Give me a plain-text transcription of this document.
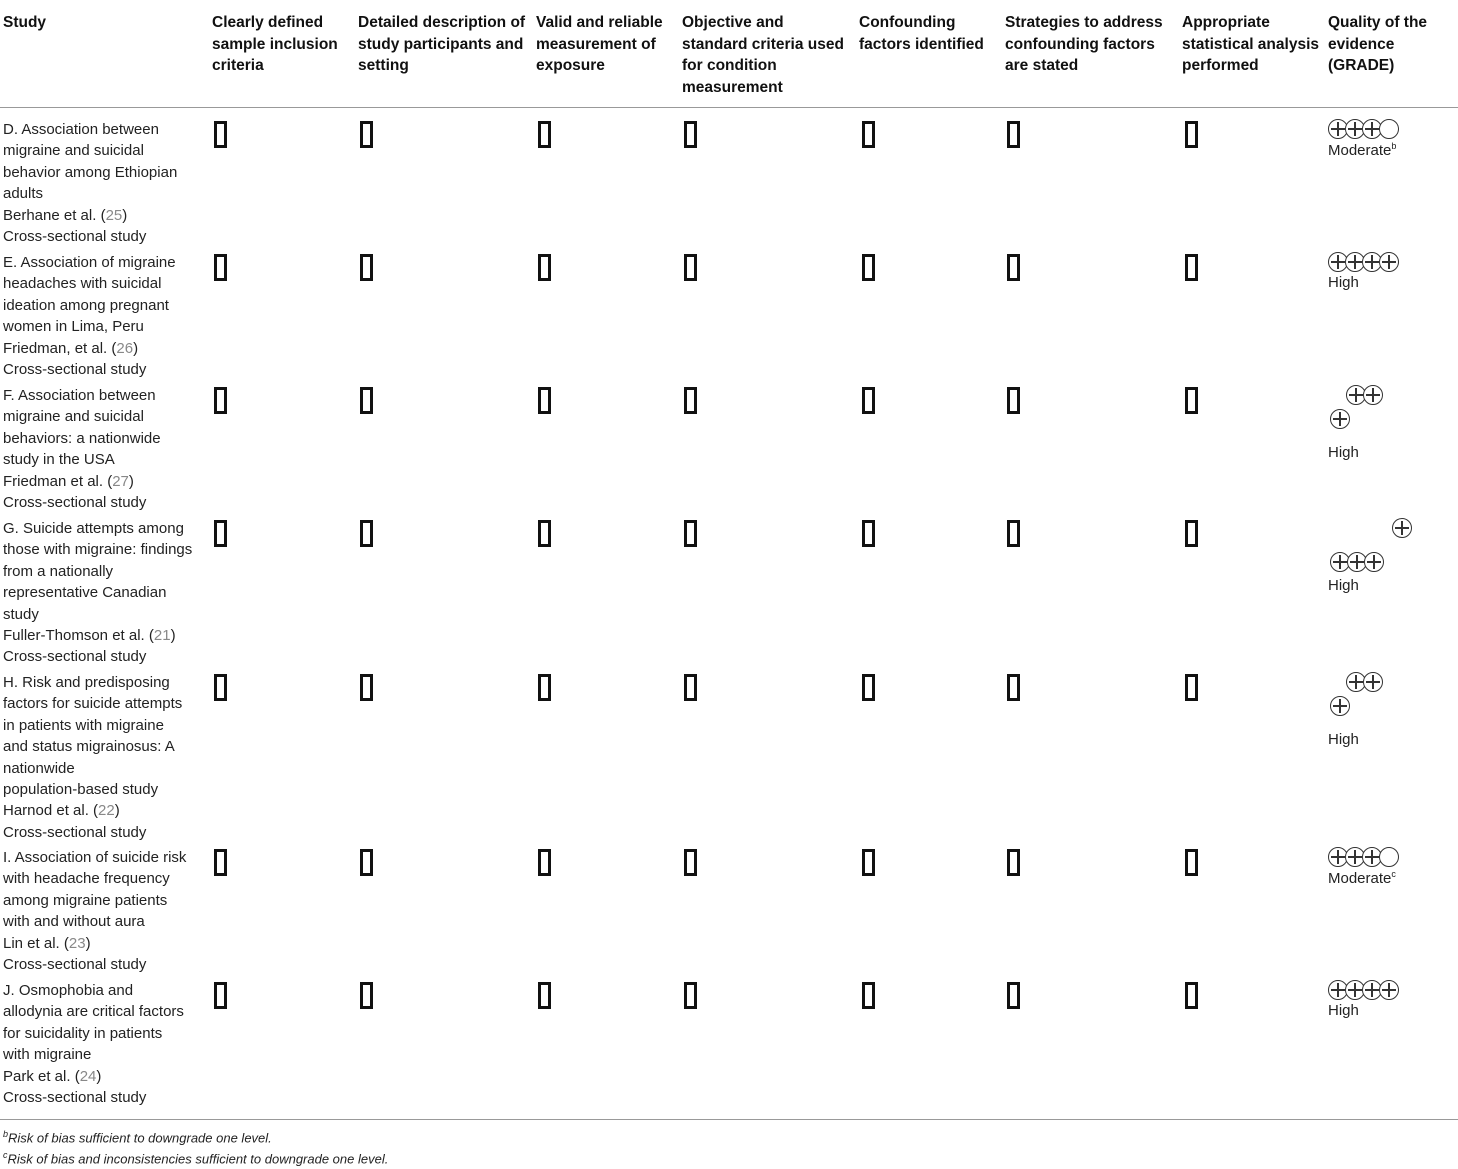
Study	Clearly defined sample inclusion criteria
Detailed description of study participants and setting
Valid and reliable measurement of exposure
Objective and standard criteria used for condition measurement
Confounding factors identified
Strategies to address confounding factors are stated
Appropriate statistical analysis performed
Quality of the evidence (GRADE)
D. Association between
migraine and suicidal
behavior among Ethiopian
adults
Berhane et al. (25)
Cross-sectional study
Moderate$^b$
E. Association of migraine
headaches with suicidal
ideation among pregnant
women in Lima, Peru
Friedman, et al. (26)
Cross-sectional study
High
F. Association between
migraine and suicidal
behaviors: a nationwide
study in the USA
Friedman et al. (27)
Cross-sectional study
High
G. Suicide attempts among
those with migraine: findings
from a nationally
representative Canadian
study
Fuller-Thomson et al. (21)
Cross-sectional study
High
H. Risk and predisposing
factors for suicide attempts
in patients with migraine
and status migrainosus: A
nationwide
population-based study
Harnod et al. (22)
Cross-sectional study
High
I. Association of suicide risk
with headache frequency
among migraine patients
with and without aura
Lin et al. (23)
Cross-sectional study
Moderate$^c$
J. Osmophobia and
allodynia are critical factors
for suicidality in patients
with migraine
Park et al. (24)
Cross-sectional study
High
$^b$Risk of bias sufficient to downgrade one level.
$^c$Risk of bias and inconsistencies sufficient to downgrade one level.
